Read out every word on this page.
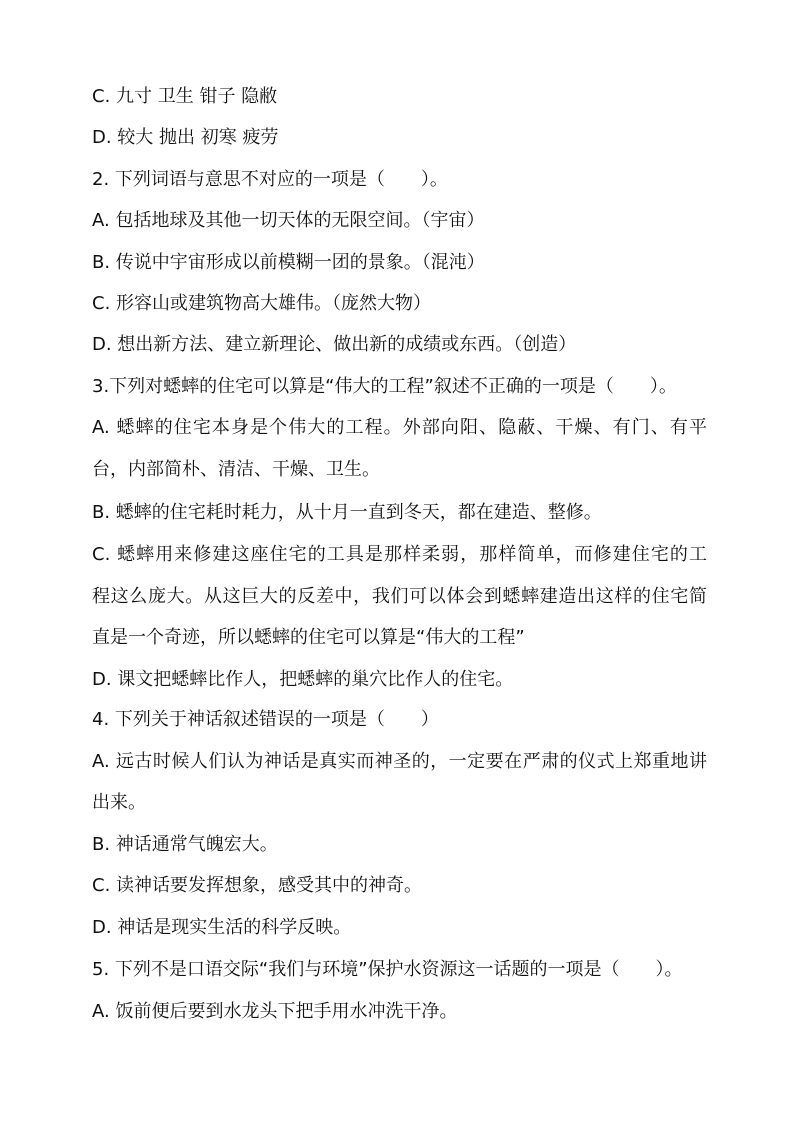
C. 九寸 卫生 钳子 隐敝
D. 较大 抛出 初寒 疲劳
2. 下列词语与意思不对应的一项是（　　）。
A. 包括地球及其他一切天体的无限空间。（宇宙）
B. 传说中宇宙形成以前模糊一团的景象。（混沌）
C. 形容山或建筑物高大雄伟。（庞然大物）
D. 想出新方法、建立新理论、做出新的成绩或东西。（创造）
3.下列对蟋蟀的住宅可以算是“伟大的工程”叙述不正确的一项是（　　）。
A. 蟋蟀的住宅本身是个伟大的工程。外部向阳、隐蔽、干燥、有门、有平
台，内部简朴、清洁、干燥、卫生。
B. 蟋蟀的住宅耗时耗力，从十月一直到冬天，都在建造、整修。
C. 蟋蟀用来修建这座住宅的工具是那样柔弱，那样简单，而修建住宅的工
程这么庞大。从这巨大的反差中，我们可以体会到蟋蟀建造出这样的住宅简
直是一个奇迹，所以蟋蟀的住宅可以算是“伟大的工程”
D. 课文把蟋蟀比作人，把蟋蟀的巢穴比作人的住宅。
4. 下列关于神话叙述错误的一项是（　　）
A. 远古时候人们认为神话是真实而神圣的，一定要在严肃的仪式上郑重地讲
出来。
B. 神话通常气魄宏大。
C. 读神话要发挥想象，感受其中的神奇。
D. 神话是现实生活的科学反映。
5. 下列不是口语交际“我们与环境”保护水资源这一话题的一项是（　　）。
A. 饭前便后要到水龙头下把手用水冲洗干净。
